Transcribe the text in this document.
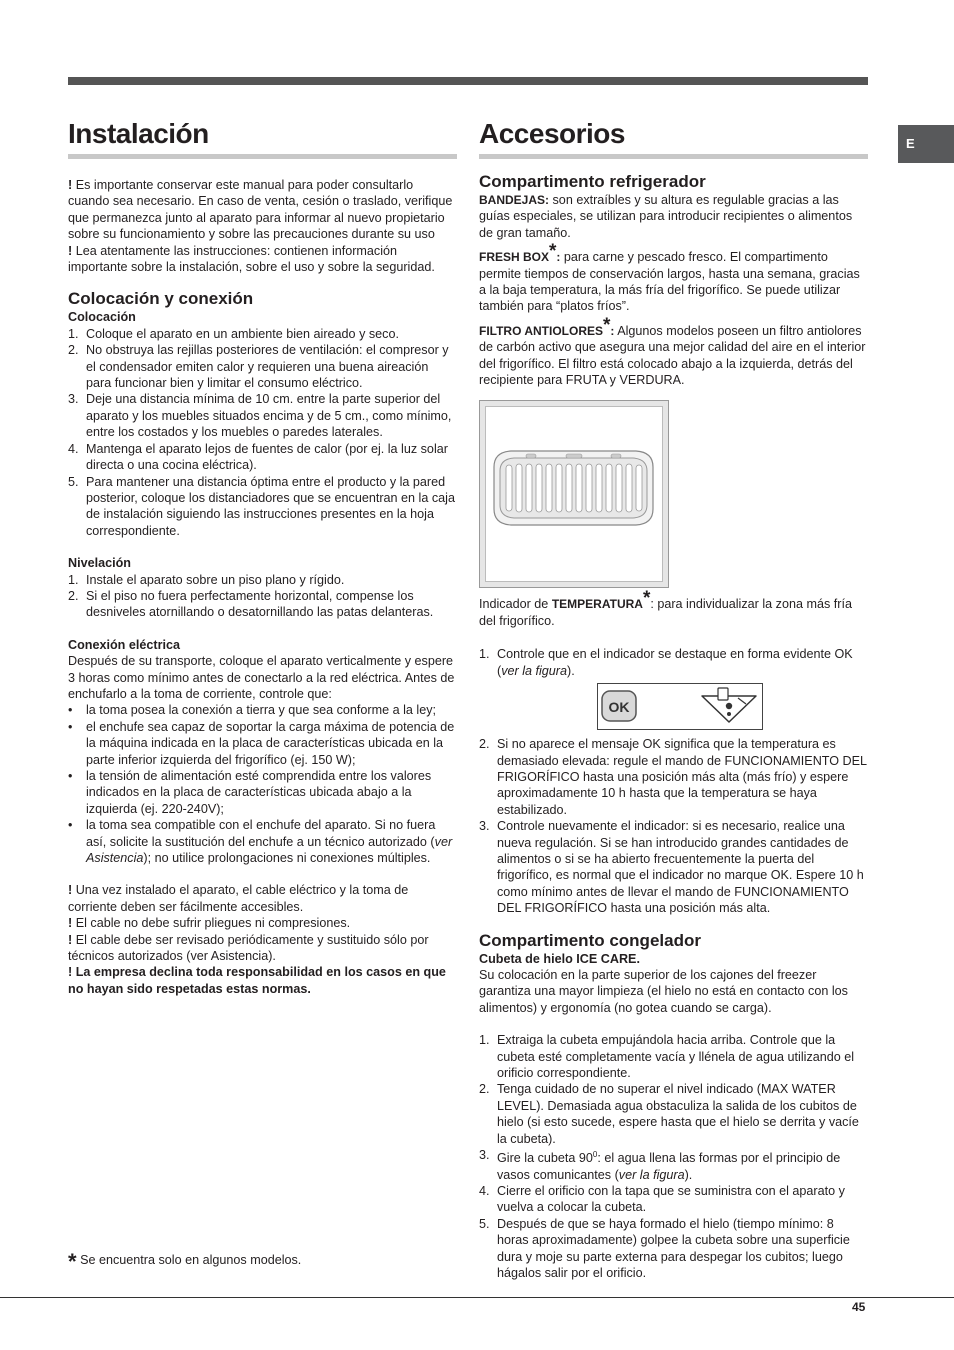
E
Instalación

! Es importante conservar este manual para poder consultarlo cuando sea necesario. En caso de venta, cesión o traslado, verifique que permanezca junto al aparato para informar al nuevo propietario sobre su funcionamiento y sobre las precauciones durante su uso

! Lea atentamente las instrucciones: contienen información importante sobre la instalación, sobre el uso y sobre la seguridad.

Colocación y conexión

Colocación

1. Coloque el aparato en un ambiente bien aireado y seco.
2. No obstruya las rejillas posteriores de ventilación: el compresor y el condensador emiten calor y requieren una buena aireación para funcionar bien y limitar el consumo eléctrico.
3. Deje una distancia mínima de 10 cm. entre la parte superior del aparato y los muebles situados encima y de 5 cm., como mínimo, entre los costados y los muebles o paredes laterales.
4. Mantenga el aparato lejos de fuentes de calor (por ej. la luz solar directa o una cocina eléctrica).
5. Para mantener una distancia óptima entre el producto y la pared posterior, coloque los distanciadores que se encuentran en la caja de instalación siguiendo las instrucciones presentes en la hoja correspondiente.

Nivelación

1. Instale el aparato sobre un piso plano y rígido.
2. Si el piso no fuera perfectamente horizontal, compense los desniveles atornillando o desatornillando las patas delanteras.

Conexión eléctrica

Después de su transporte, coloque el aparato verticalmente y espere 3 horas como mínimo antes de conectarlo a la red eléctrica. Antes de enchufarlo a la toma de corriente, controle que:

• la toma posea la conexión a tierra y que sea conforme a la ley;
• el enchufe sea capaz de soportar la carga máxima de potencia de la máquina indicada en la placa de características ubicada en la parte inferior izquierda del frigorífico (ej. 150 W);
• la tensión de alimentación esté comprendida entre los valores indicados en la placa de características ubicada abajo a la izquierda (ej. 220-240V);
• la toma sea compatible con el enchufe del aparato. Si no fuera así, solicite la sustitución del enchufe a un técnico autorizado (ver Asistencia); no utilice prolongaciones ni conexiones múltiples.

! Una vez instalado el aparato, el cable eléctrico y la toma de corriente deben ser fácilmente accesibles.

! El cable no debe sufrir pliegues ni compresiones.

! El cable debe ser revisado periódicamente y sustituido sólo por técnicos autorizados (ver Asistencia).

! La empresa declina toda responsabilidad en los casos en que no hayan sido respetadas estas normas.

Accesorios
Compartimento refrigerador

BANDEJAS: son extraíbles y su altura es regulable gracias a las guías especiales, se utilizan para introducir recipientes o alimentos de gran tamaño.

FRESH BOX*: para carne y pescado fresco. El compartimento permite tiempos de conservación largos, hasta una semana, gracias a la baja temperatura, la más fría del frigorífico. Se puede utilizar también para “platos fríos”.

FILTRO ANTIOLORES*: Algunos modelos poseen un filtro antiolores de carbón activo que asegura una mejor calidad del aire en el interior del frigorífico. El filtro está colocado abajo a la izquierda, detrás del recipiente para FRUTA y VERDURA.

Indicador de TEMPERATURA*: para individualizar la zona más fría del frigorífico.

1. Controle que en el indicador se destaque en forma evidente OK (ver la figura).
OK
2. Si no aparece el mensaje OK significa que la temperatura es demasiado elevada: regule el mando de FUNCIONAMIENTO DEL FRIGORÍFICO hasta una posición más alta (más frío) y espere aproximadamente 10 h hasta que la temperatura se haya estabilizado.
3. Controle nuevamente el indicador: si es necesario, realice una nueva regulación. Si se han introducido grandes cantidades de alimentos o si se ha abierto frecuentemente la puerta del frigorífico, es normal que el indicador no marque OK. Espere 10 h como mínimo antes de llevar el mando de FUNCIONAMIENTO DEL FRIGORÍFICO hasta una posición más alta.
Compartimento congelador

Cubeta de hielo ICE CARE.

Su colocación en la parte superior de los cajones del freezer garantiza una mayor limpieza (el hielo no está en contacto con los alimentos) y ergonomía (no gotea cuando se carga).

1. Extraiga la cubeta empujándola hacia arriba. Controle que la cubeta esté completamente vacía y llénela de agua utilizando el orificio correspondiente.
2. Tenga cuidado de no superar el nivel indicado (MAX WATER LEVEL). Demasiada agua obstaculiza la salida de los cubitos de hielo (si esto sucede, espere hasta que el hielo se derrita y vacíe la cubeta).
3. Gire la cubeta $90^0$: el agua llena las formas por el principio de vasos comunicantes (ver la figura).
4. Cierre el orificio con la tapa que se suministra con el aparato y vuelva a colocar la cubeta.
5. Después de que se haya formado el hielo (tiempo mínimo: 8 horas aproximadamente) golpee la cubeta sobre una superficie dura y moje su parte externa para despegar los cubitos; luego hágalos salir por el orificio.
* Se encuentra solo en algunos modelos.
45
